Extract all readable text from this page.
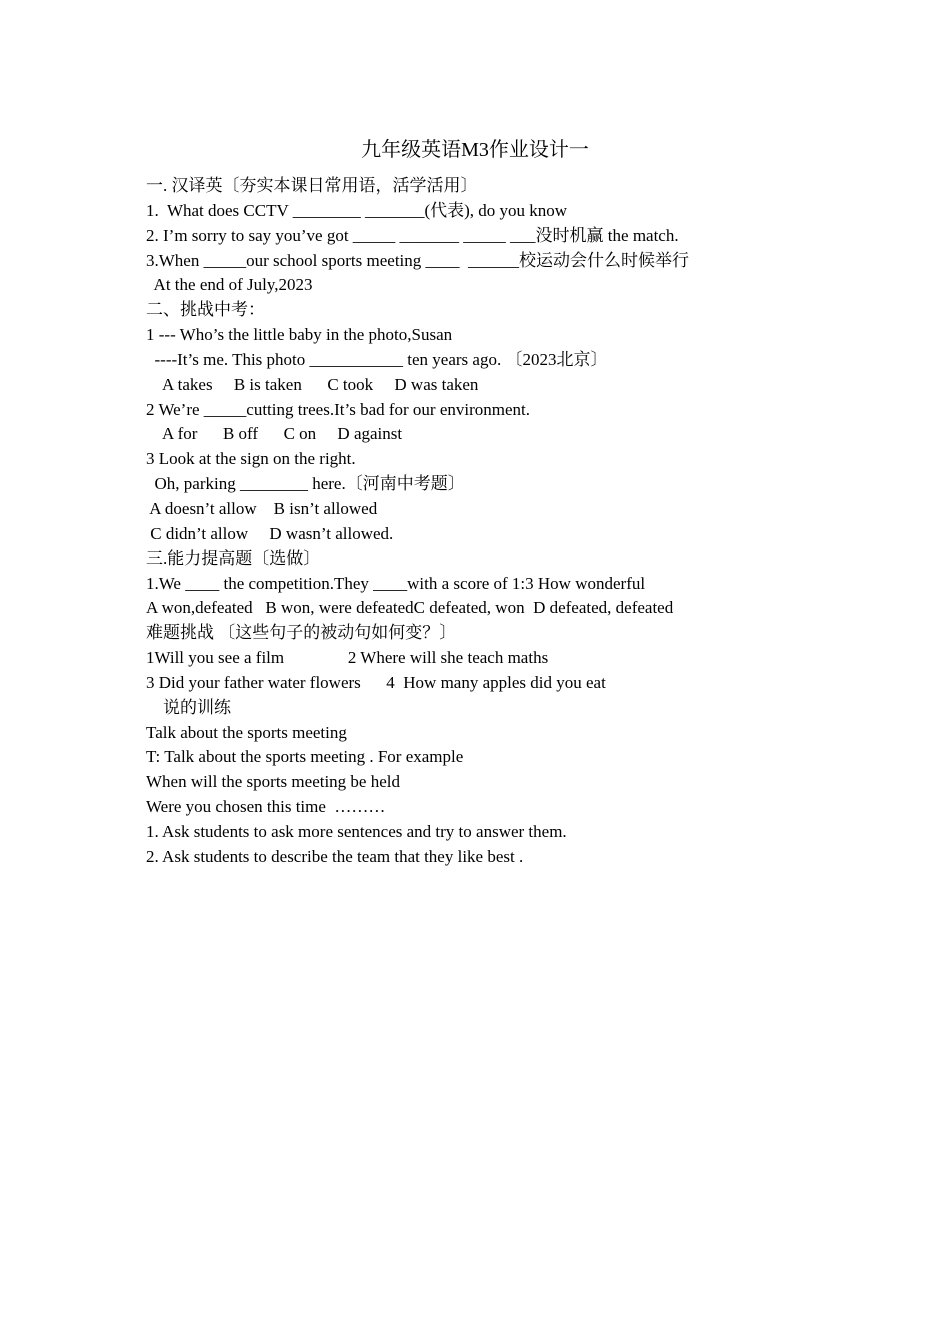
九年级英语M3作业设计一
一. 汉译英〔夯实本课日常用语，活学活用〕
1.  What does CCTV ________ _______(代表), do you know
2. I’m sorry to say you’ve got _____ _______ _____ ___没时机赢 the match.
3.When _____our school sports meeting ____  ______校运动会什么时候举行
At the end of July,2023
二、挑战中考：
1 --- Who’s the little baby in the photo,Susan
----It’s me. This photo ___________ ten years ago. 〔2023北京〕
A takes     B is taken      C took     D was taken
2 We’re _____cutting trees.It’s bad for our environment.
A for      B off      C on     D against
3 Look at the sign on the right.
Oh, parking ________ here.〔河南中考题〕
A doesn’t allow    B isn’t allowed
C didn’t allow     D wasn’t allowed.
三.能力提高题〔选做〕
1.We ____ the competition.They ____with a score of 1:3 How wonderful
A won,defeated   B won, were defeatedC defeated, won  D defeated, defeated
难题挑战 〔这些句子的被动句如何变？〕
1Will you see a film               2 Where will she teach maths
3 Did your father water flowers      4  How many apples did you eat
说的训练
Talk about the sports meeting
T: Talk about the sports meeting . For example
When will the sports meeting be held
Were you chosen this time  ………
1. Ask students to ask more sentences and try to answer them.
2. Ask students to describe the team that they like best .
